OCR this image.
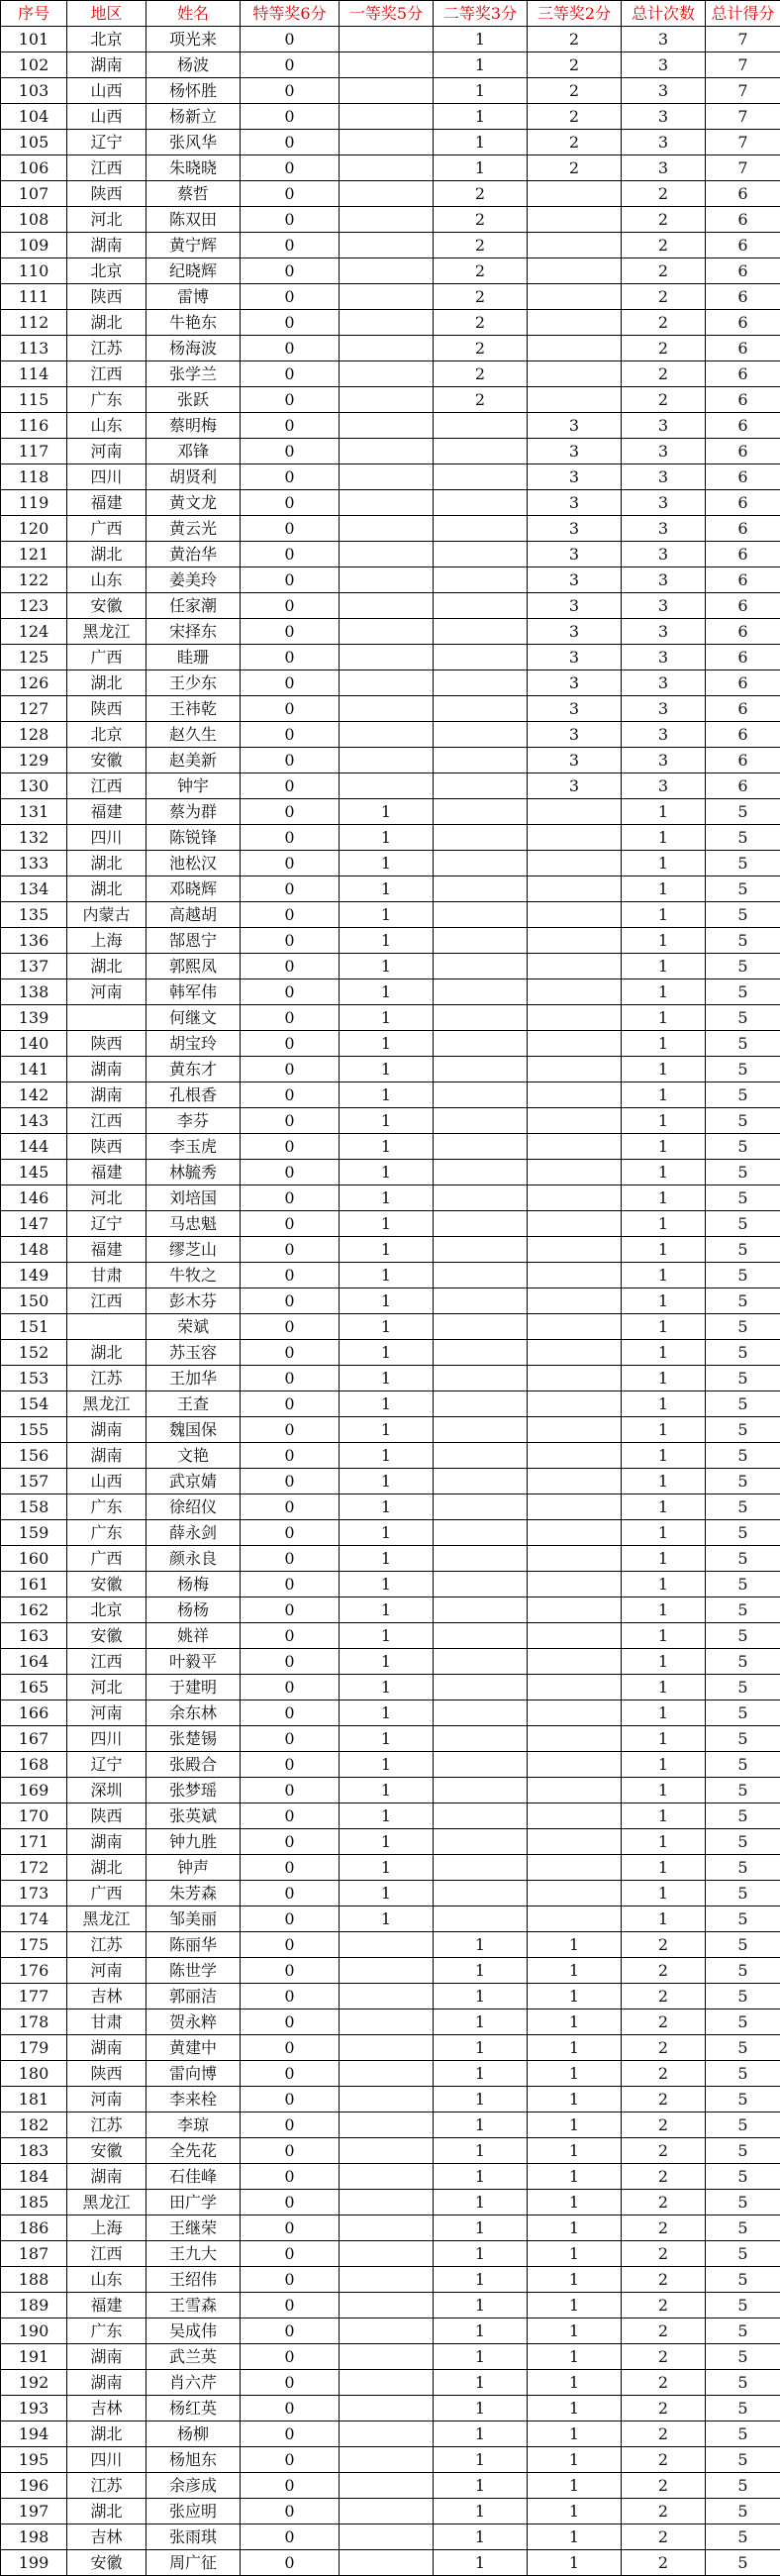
序号	地区	姓名	特等奖6分	一等奖5分	二等奖3分	三等奖2分	总计次数	总计得分
101	北京	项光来	0		1	2	3	7
102	湖南	杨波	0		1	2	3	7
103	山西	杨怀胜	0		1	2	3	7
104	山西	杨新立	0		1	2	3	7
105	辽宁	张风华	0		1	2	3	7
106	江西	朱晓晓	0		1	2	3	7
107	陕西	蔡哲	0		2		2	6
108	河北	陈双田	0		2		2	6
109	湖南	黄宁辉	0		2		2	6
110	北京	纪晓辉	0		2		2	6
111	陕西	雷博	0		2		2	6
112	湖北	牛艳东	0		2		2	6
113	江苏	杨海波	0		2		2	6
114	江西	张学兰	0		2		2	6
115	广东	张跃	0		2		2	6
116	山东	蔡明梅	0			3	3	6
117	河南	邓锋	0			3	3	6
118	四川	胡贤利	0			3	3	6
119	福建	黄文龙	0			3	3	6
120	广西	黄云光	0			3	3	6
121	湖北	黄治华	0			3	3	6
122	山东	姜美玲	0			3	3	6
123	安徽	任家潮	0			3	3	6
124	黑龙江	宋择东	0			3	3	6
125	广西	眭珊	0			3	3	6
126	湖北	王少东	0			3	3	6
127	陕西	王祎乾	0			3	3	6
128	北京	赵久生	0			3	3	6
129	安徽	赵美新	0			3	3	6
130	江西	钟宇	0			3	3	6
131	福建	蔡为群	0	1			1	5
132	四川	陈锐锋	0	1			1	5
133	湖北	池松汉	0	1			1	5
134	湖北	邓晓辉	0	1			1	5
135	内蒙古	高越胡	0	1			1	5
136	上海	郜恩宁	0	1			1	5
137	湖北	郭熙凤	0	1			1	5
138	河南	韩军伟	0	1			1	5
139		何继文	0	1			1	5
140	陕西	胡宝玲	0	1			1	5
141	湖南	黄东才	0	1			1	5
142	湖南	孔根香	0	1			1	5
143	江西	李芬	0	1			1	5
144	陕西	李玉虎	0	1			1	5
145	福建	林毓秀	0	1			1	5
146	河北	刘培国	0	1			1	5
147	辽宁	马忠魁	0	1			1	5
148	福建	缪芝山	0	1			1	5
149	甘肃	牛牧之	0	1			1	5
150	江西	彭木芬	0	1			1	5
151		荣斌	0	1			1	5
152	湖北	苏玉容	0	1			1	5
153	江苏	王加华	0	1			1	5
154	黑龙江	王查	0	1			1	5
155	湖南	魏国保	0	1			1	5
156	湖南	文艳	0	1			1	5
157	山西	武京婧	0	1			1	5
158	广东	徐绍仪	0	1			1	5
159	广东	薛永剑	0	1			1	5
160	广西	颜永良	0	1			1	5
161	安徽	杨梅	0	1			1	5
162	北京	杨杨	0	1			1	5
163	安徽	姚祥	0	1			1	5
164	江西	叶毅平	0	1			1	5
165	河北	于建明	0	1			1	5
166	河南	余东林	0	1			1	5
167	四川	张楚锡	0	1			1	5
168	辽宁	张殿合	0	1			1	5
169	深圳	张梦瑶	0	1			1	5
170	陕西	张英斌	0	1			1	5
171	湖南	钟九胜	0	1			1	5
172	湖北	钟声	0	1			1	5
173	广西	朱芳森	0	1			1	5
174	黑龙江	邹美丽	0	1			1	5
175	江苏	陈丽华	0		1	1	2	5
176	河南	陈世学	0		1	1	2	5
177	吉林	郭丽洁	0		1	1	2	5
178	甘肃	贺永粹	0		1	1	2	5
179	湖南	黄建中	0		1	1	2	5
180	陕西	雷向博	0		1	1	2	5
181	河南	李来栓	0		1	1	2	5
182	江苏	李琼	0		1	1	2	5
183	安徽	全先花	0		1	1	2	5
184	湖南	石佳峰	0		1	1	2	5
185	黑龙江	田广学	0		1	1	2	5
186	上海	王继荣	0		1	1	2	5
187	江西	王九大	0		1	1	2	5
188	山东	王绍伟	0		1	1	2	5
189	福建	王雪森	0		1	1	2	5
190	广东	吴成伟	0		1	1	2	5
191	湖南	武兰英	0		1	1	2	5
192	湖南	肖六芹	0		1	1	2	5
193	吉林	杨红英	0		1	1	2	5
194	湖北	杨柳	0		1	1	2	5
195	四川	杨旭东	0		1	1	2	5
196	江苏	余彦成	0		1	1	2	5
197	湖北	张应明	0		1	1	2	5
198	吉林	张雨琪	0		1	1	2	5
199	安徽	周广征	0		1	1	2	5
